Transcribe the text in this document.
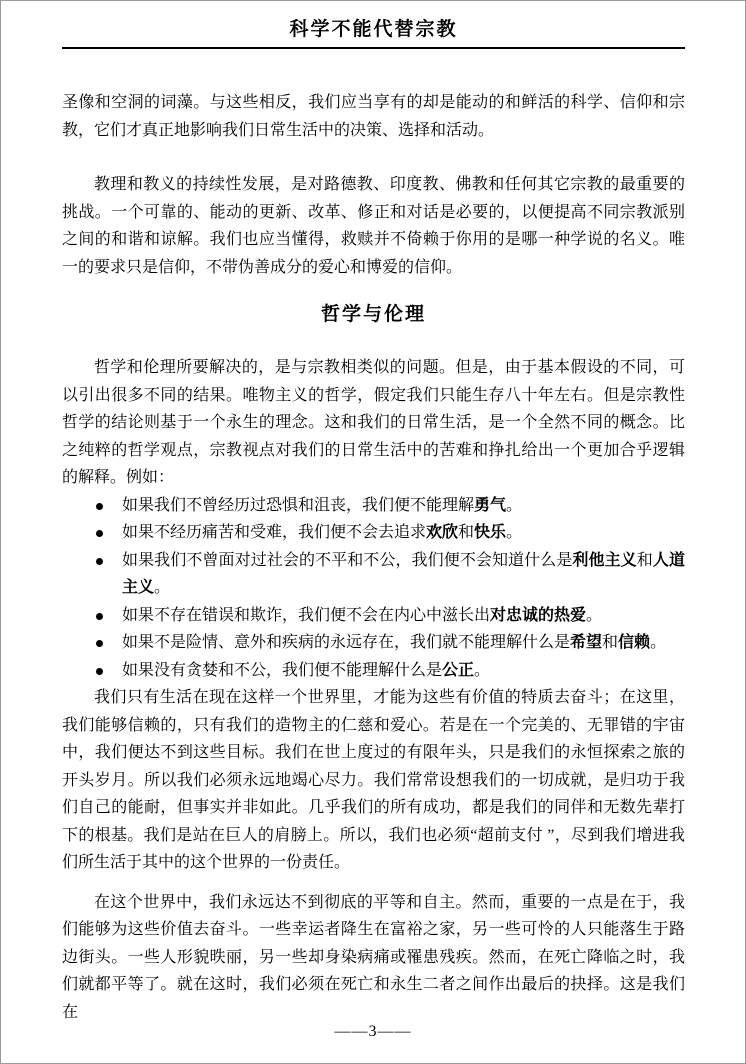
科学不能代替宗教

圣像和空洞的词藻。与这些相反，我们应当享有的却是能动的和鲜活的科学、信仰和宗教，它们才真正地影响我们日常生活中的决策、选择和活动。

教理和教义的持续性发展，是对路德教、印度教、佛教和任何其它宗教的最重要的挑战。一个可靠的、能动的更新、改革、修正和对话是必要的，以便提高不同宗教派别之间的和谐和谅解。我们也应当懂得，救赎并不倚赖于你用的是哪一种学说的名义。唯一的要求只是信仰，不带伪善成分的爱心和博爱的信仰。

哲学与伦理

哲学和伦理所要解决的，是与宗教相类似的问题。但是，由于基本假设的不同，可以引出很多不同的结果。唯物主义的哲学，假定我们只能生存八十年左右。但是宗教性哲学的结论则基于一个永生的理念。这和我们的日常生活，是一个全然不同的概念。比之纯粹的哲学观点，宗教视点对我们的日常生活中的苦难和挣扎给出一个更加合乎逻辑的解释。例如：

如果我们不曾经历过恐惧和沮丧，我们便不能理解勇气。
如果不经历痛苦和受难，我们便不会去追求欢欣和快乐。
如果我们不曾面对过社会的不平和不公，我们便不会知道什么是利他主义和人道主义。
如果不存在错误和欺诈，我们便不会在内心中滋长出对忠诚的热爱。
如果不是险情、意外和疾病的永远存在，我们就不能理解什么是希望和信赖。
如果没有贪婪和不公，我们便不能理解什么是公正。

我们只有生活在现在这样一个世界里，才能为这些有价值的特质去奋斗；在这里，我们能够信赖的，只有我们的造物主的仁慈和爱心。若是在一个完美的、无罪错的宇宙中，我们便达不到这些目标。我们在世上度过的有限年头，只是我们的永恒探索之旅的开头岁月。所以我们必须永远地竭心尽力。我们常常设想我们的一切成就，是归功于我们自己的能耐，但事实并非如此。几乎我们的所有成功，都是我们的同伴和无数先辈打下的根基。我们是站在巨人的肩膀上。所以，我们也必须“超前支付 ”，尽到我们增进我们所生活于其中的这个世界的一份责任。

在这个世界中，我们永远达不到彻底的平等和自主。然而，重要的一点是在于，我们能够为这些价值去奋斗。一些幸运者降生在富裕之家，另一些可怜的人只能落生于路边街头。一些人形貌昳丽，另一些却身染病痛或罹患残疾。然而，在死亡降临之时，我们就都平等了。就在这时，我们必须在死亡和永生二者之间作出最后的抉择。这是我们在

——3——
